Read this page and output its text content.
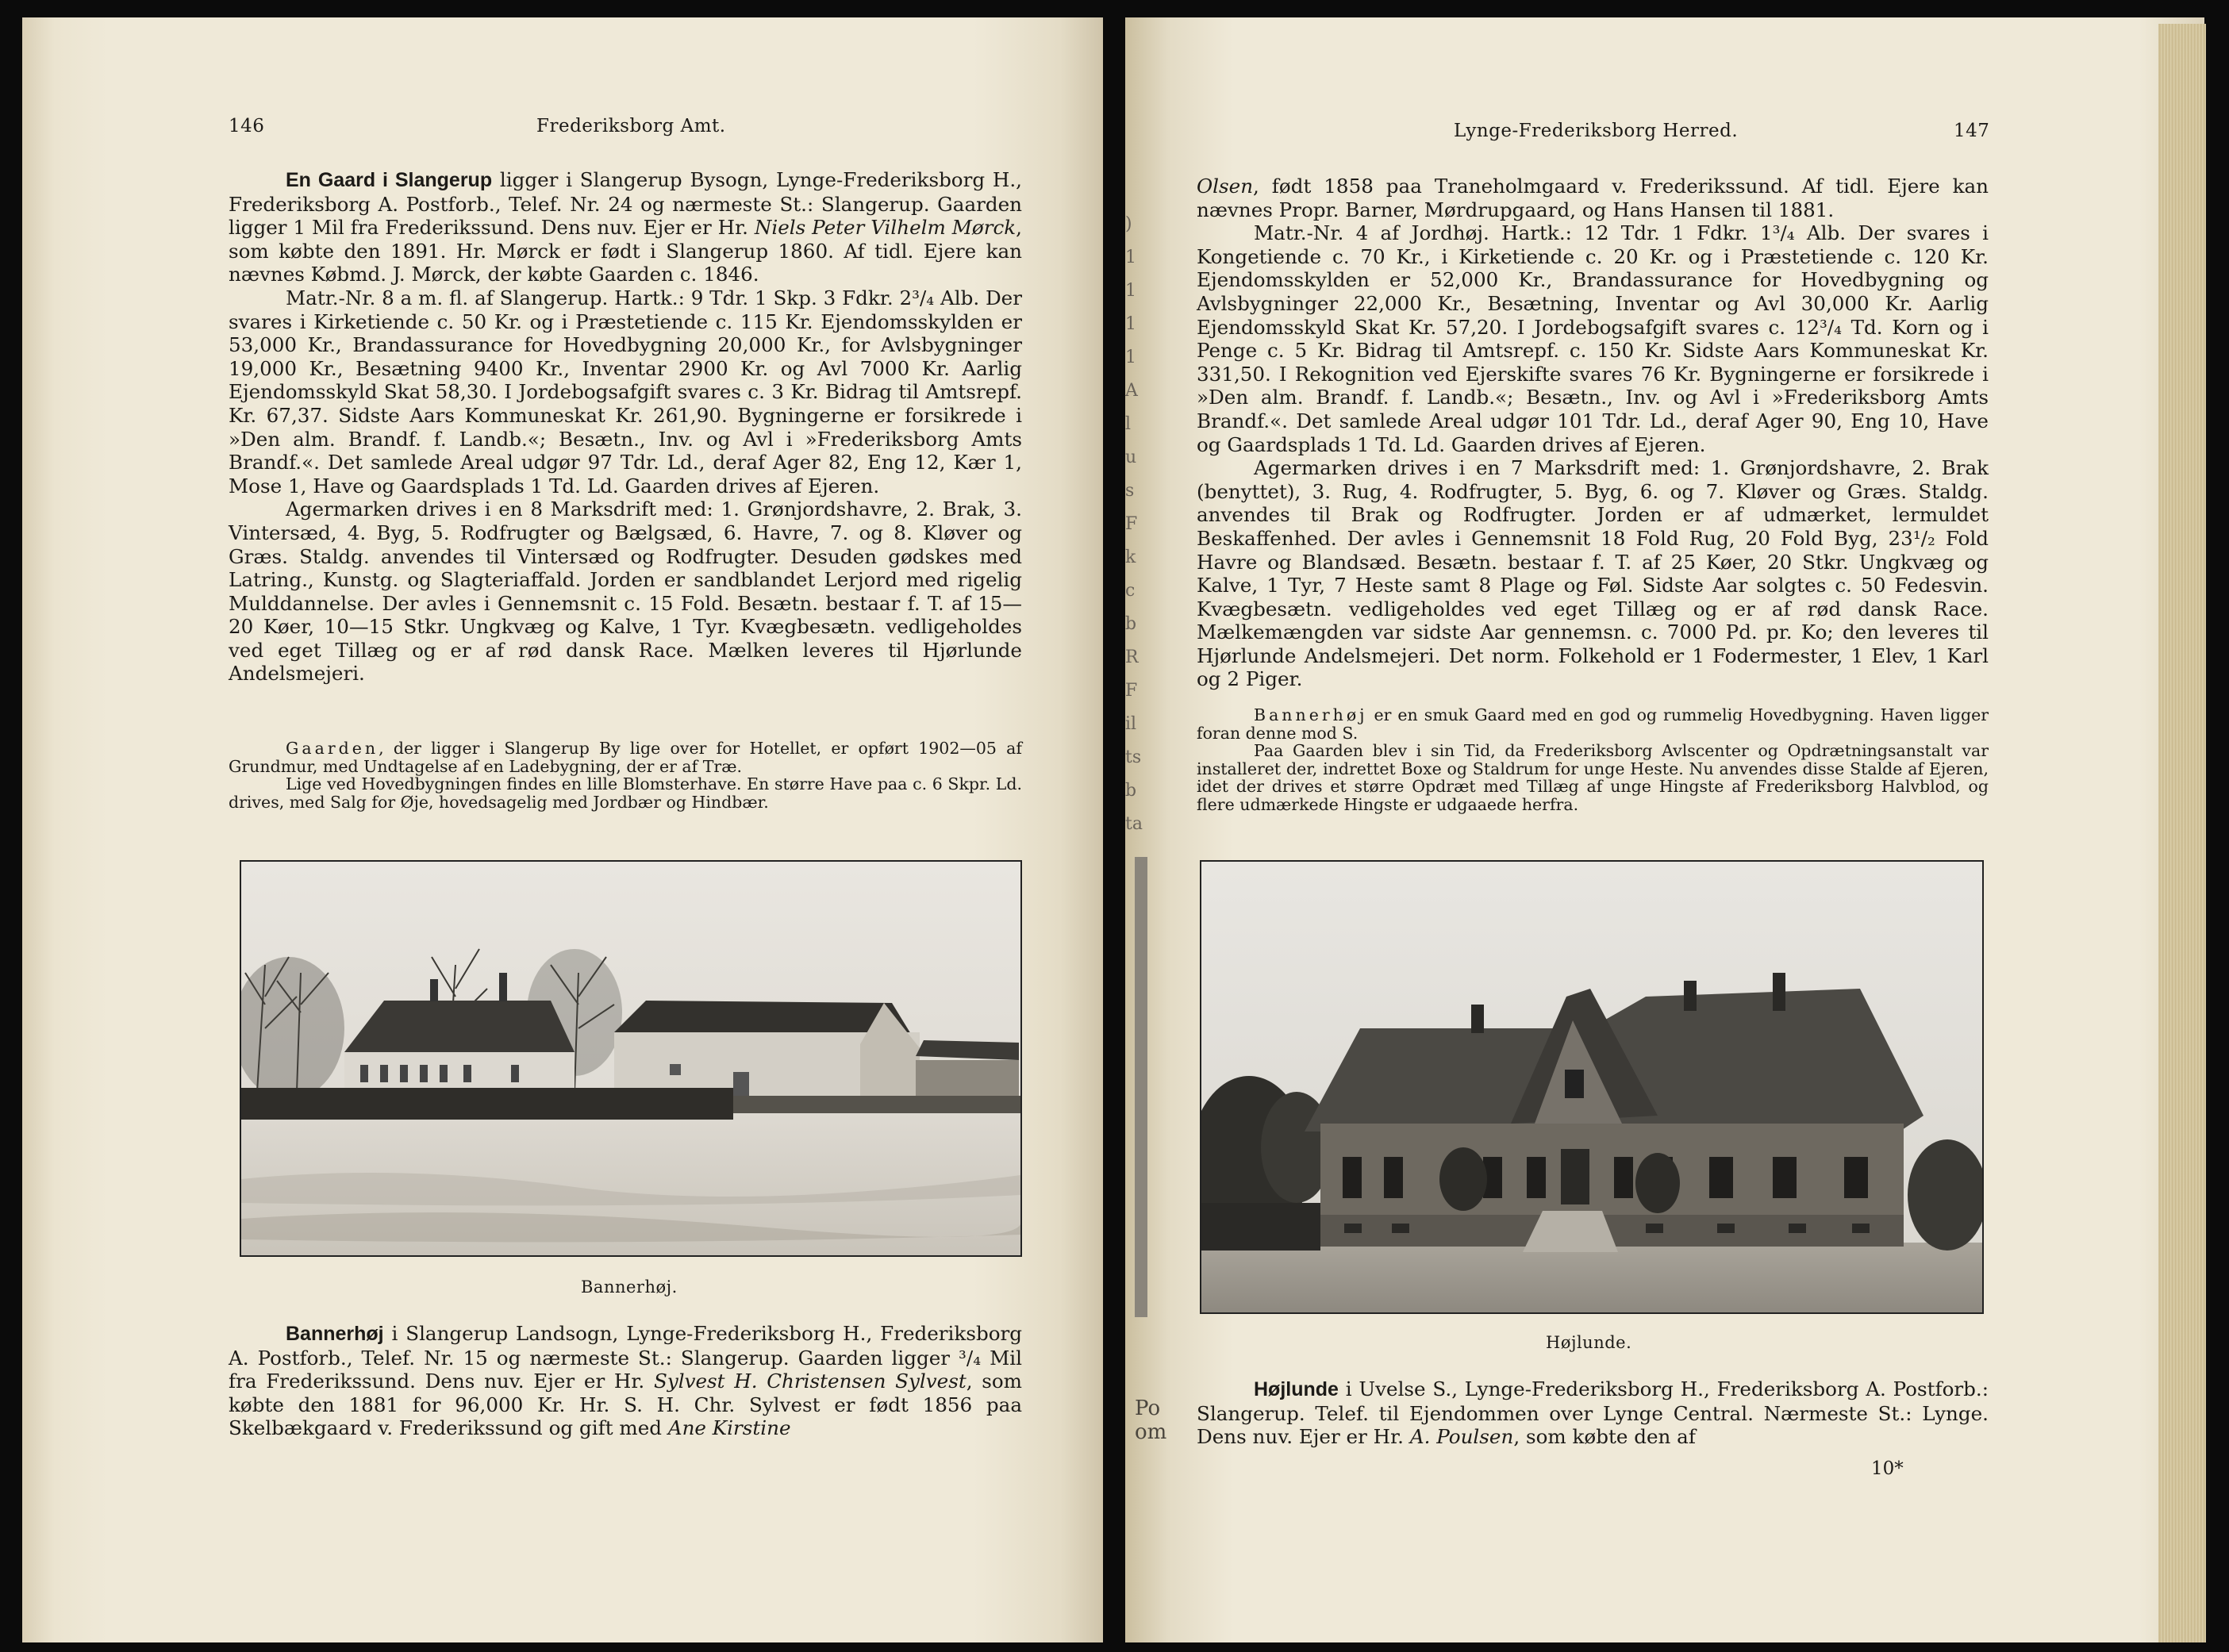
146	Frederiksborg Amt.

En Gaard i Slangerup ligger i Slangerup Bysogn, Lynge-Frederiksborg H., Frederiksborg A. Postforb., Telef. Nr. 24 og nærmeste St.: Slangerup. Gaarden ligger 1 Mil fra Frederikssund. Dens nuv. Ejer er Hr. Niels Peter Vilhelm Mørck, som købte den 1891. Hr. Mørck er født i Slangerup 1860. Af tidl. Ejere kan nævnes Købmd. J. Mørck, der købte Gaarden c. 1846.

Matr.-Nr. 8 a m. fl. af Slangerup. Hartk.: 9 Tdr. 1 Skp. 3 Fdkr. 2³/₄ Alb. Der svares i Kirketiende c. 50 Kr. og i Præstetiende c. 115 Kr. Ejendomsskylden er 53,000 Kr., Brandassurance for Hovedbygning 20,000 Kr., for Avlsbygninger 19,000 Kr., Besætning 9400 Kr., Inventar 2900 Kr. og Avl 7000 Kr. Aarlig Ejendomsskyld Skat 58,30. I Jordebogsafgift svares c. 3 Kr. Bidrag til Amtsrepf. Kr. 67,37. Sidste Aars Kommuneskat Kr. 261,90. Bygningerne er forsikrede i »Den alm. Brandf. f. Landb.«; Besætn., Inv. og Avl i »Frederiksborg Amts Brandf.«. Det samlede Areal udgør 97 Tdr. Ld., deraf Ager 82, Eng 12, Kær 1, Mose 1, Have og Gaardsplads 1 Td. Ld. Gaarden drives af Ejeren.

Agermarken drives i en 8 Marksdrift med: 1. Grønjordshavre, 2. Brak, 3. Vintersæd, 4. Byg, 5. Rodfrugter og Bælgsæd, 6. Havre, 7. og 8. Kløver og Græs. Staldg. anvendes til Vintersæd og Rodfrugter. Desuden gødskes med Latring., Kunstg. og Slagteriaffald. Jorden er sandblandet Lerjord med rigelig Mulddannelse. Der avles i Gennemsnit c. 15 Fold. Besætn. bestaar f. T. af 15—20 Køer, 10—15 Stkr. Ungkvæg og Kalve, 1 Tyr. Kvægbesætn. vedligeholdes ved eget Tillæg og er af rød dansk Race. Mælken leveres til Hjørlunde Andelsmejeri.

Gaarden, der ligger i Slangerup By lige over for Hotellet, er opført 1902—05 af Grundmur, med Undtagelse af en Ladebygning, der er af Træ.

Lige ved Hovedbygningen findes en lille Blomsterhave. En større Have paa c. 6 Skpr. Ld. drives, med Salg for Øje, hovedsagelig med Jordbær og Hindbær.

Bannerhøj.

Bannerhøj i Slangerup Landsogn, Lynge-Frederiksborg H., Frederiksborg A. Postforb., Telef. Nr. 15 og nærmeste St.: Slangerup. Gaarden ligger ³/₄ Mil fra Frederikssund. Dens nuv. Ejer er Hr. Sylvest H. Christensen Sylvest, som købte den 1881 for 96,000 Kr. Hr. S. H. Chr. Sylvest er født 1856 paa Skelbækgaard v. Frederikssund og gift med Ane Kirstine

)
1
1
1
1
A
l
u
s
F
k
c
b
R
F
il
ts
b
ta
Po
om
Lynge-Frederiksborg Herred.	147

Olsen, født 1858 paa Traneholmgaard v. Frederikssund. Af tidl. Ejere kan nævnes Propr. Barner, Mørdrupgaard, og Hans Hansen til 1881.

Matr.-Nr. 4 af Jordhøj. Hartk.: 12 Tdr. 1 Fdkr. 1³/₄ Alb. Der svares i Kongetiende c. 70 Kr., i Kirketiende c. 20 Kr. og i Præstetiende c. 120 Kr. Ejendomsskylden er 52,000 Kr., Brandassurance for Hovedbygning og Avlsbygninger 22,000 Kr., Besætning, Inventar og Avl 30,000 Kr. Aarlig Ejendomsskyld Skat Kr. 57,20. I Jordebogsafgift svares c. 12³/₄ Td. Korn og i Penge c. 5 Kr. Bidrag til Amtsrepf. c. 150 Kr. Sidste Aars Kommuneskat Kr. 331,50. I Rekognition ved Ejerskifte svares 76 Kr. Bygningerne er forsikrede i »Den alm. Brandf. f. Landb.«; Besætn., Inv. og Avl i »Frederiksborg Amts Brandf.«. Det samlede Areal udgør 101 Tdr. Ld., deraf Ager 90, Eng 10, Have og Gaardsplads 1 Td. Ld. Gaarden drives af Ejeren.

Agermarken drives i en 7 Marksdrift med: 1. Grønjordshavre, 2. Brak (benyttet), 3. Rug, 4. Rodfrugter, 5. Byg, 6. og 7. Kløver og Græs. Staldg. anvendes til Brak og Rodfrugter. Jorden er af udmærket, lermuldet Beskaffenhed. Der avles i Gennemsnit 18 Fold Rug, 20 Fold Byg, 23¹/₂ Fold Havre og Blandsæd. Besætn. bestaar f. T. af 25 Køer, 20 Stkr. Ungkvæg og Kalve, 1 Tyr, 7 Heste samt 8 Plage og Føl. Sidste Aar solgtes c. 50 Fedesvin. Kvægbesætn. vedligeholdes ved eget Tillæg og er af rød dansk Race. Mælkemængden var sidste Aar gennemsn. c. 7000 Pd. pr. Ko; den leveres til Hjørlunde Andelsmejeri. Det norm. Folkehold er 1 Fodermester, 1 Elev, 1 Karl og 2 Piger.

Bannerhøj er en smuk Gaard med en god og rummelig Hovedbygning. Haven ligger foran denne mod S.

Paa Gaarden blev i sin Tid, da Frederiksborg Avlscenter og Opdrætningsanstalt var installeret der, indrettet Boxe og Staldrum for unge Heste. Nu anvendes disse Stalde af Ejeren, idet der drives et større Opdræt med Tillæg af unge Hingste af Frederiksborg Halvblod, og flere udmærkede Hingste er udgaaede herfra.

Højlunde.

Højlunde i Uvelse S., Lynge-Frederiksborg H., Frederiksborg A. Postforb.: Slangerup. Telef. til Ejendommen over Lynge Central. Nærmeste St.: Lynge. Dens nuv. Ejer er Hr. A. Poulsen, som købte den af

10*
